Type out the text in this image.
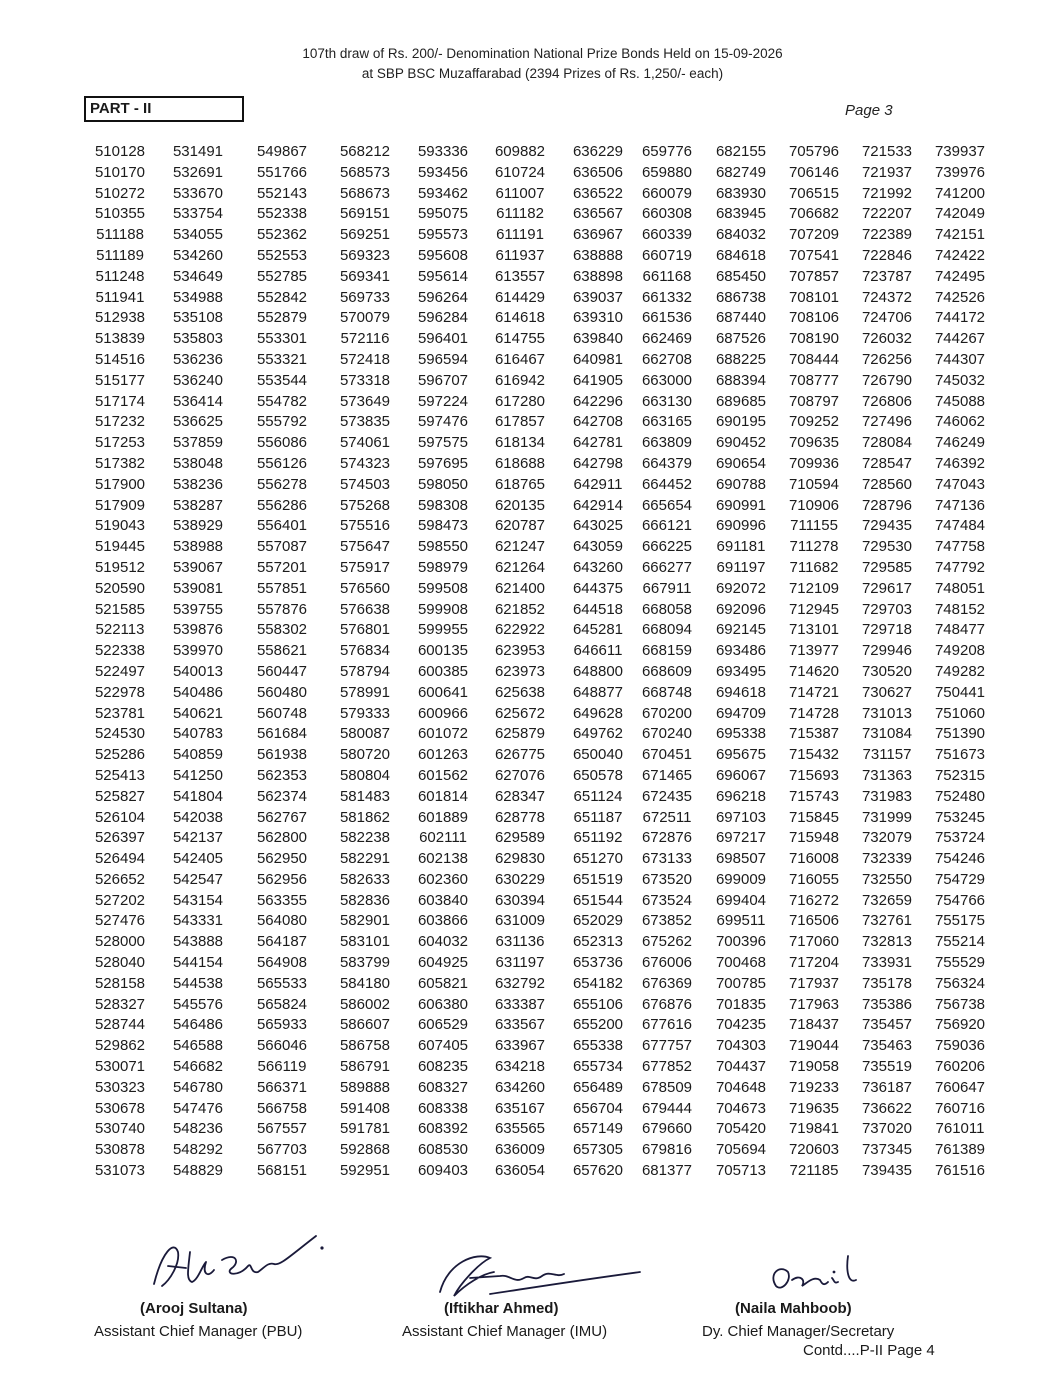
107th draw of Rs. 200/- Denomination National Prize Bonds Held on 15-09-2026
at SBP BSC Muzaffarabad (2394 Prizes of Rs. 1,250/- each)
PART - II	Page 3
510128
510170
510272
510355
511188
511189
511248
511941
512938
513839
514516
515177
517174
517232
517253
517382
517900
517909
519043
519445
519512
520590
521585
522113
522338
522497
522978
523781
524530
525286
525413
525827
526104
526397
526494
526652
527202
527476
528000
528040
528158
528327
528744
529862
530071
530323
530678
530740
530878
531073
531491
532691
533670
533754
534055
534260
534649
534988
535108
535803
536236
536240
536414
536625
537859
538048
538236
538287
538929
538988
539067
539081
539755
539876
539970
540013
540486
540621
540783
540859
541250
541804
542038
542137
542405
542547
543154
543331
543888
544154
544538
545576
546486
546588
546682
546780
547476
548236
548292
548829
549867
551766
552143
552338
552362
552553
552785
552842
552879
553301
553321
553544
554782
555792
556086
556126
556278
556286
556401
557087
557201
557851
557876
558302
558621
560447
560480
560748
561684
561938
562353
562374
562767
562800
562950
562956
563355
564080
564187
564908
565533
565824
565933
566046
566119
566371
566758
567557
567703
568151
568212
568573
568673
569151
569251
569323
569341
569733
570079
572116
572418
573318
573649
573835
574061
574323
574503
575268
575516
575647
575917
576560
576638
576801
576834
578794
578991
579333
580087
580720
580804
581483
581862
582238
582291
582633
582836
582901
583101
583799
584180
586002
586607
586758
586791
589888
591408
591781
592868
592951
593336
593456
593462
595075
595573
595608
595614
596264
596284
596401
596594
596707
597224
597476
597575
597695
598050
598308
598473
598550
598979
599508
599908
599955
600135
600385
600641
600966
601072
601263
601562
601814
601889
602111
602138
602360
603840
603866
604032
604925
605821
606380
606529
607405
608235
608327
608338
608392
608530
609403
609882
610724
611007
611182
611191
611937
613557
614429
614618
614755
616467
616942
617280
617857
618134
618688
618765
620135
620787
621247
621264
621400
621852
622922
623953
623973
625638
625672
625879
626775
627076
628347
628778
629589
629830
630229
630394
631009
631136
631197
632792
633387
633567
633967
634218
634260
635167
635565
636009
636054
636229
636506
636522
636567
636967
638888
638898
639037
639310
639840
640981
641905
642296
642708
642781
642798
642911
642914
643025
643059
643260
644375
644518
645281
646611
648800
648877
649628
649762
650040
650578
651124
651187
651192
651270
651519
651544
652029
652313
653736
654182
655106
655200
655338
655734
656489
656704
657149
657305
657620
659776
659880
660079
660308
660339
660719
661168
661332
661536
662469
662708
663000
663130
663165
663809
664379
664452
665654
666121
666225
666277
667911
668058
668094
668159
668609
668748
670200
670240
670451
671465
672435
672511
672876
673133
673520
673524
673852
675262
676006
676369
676876
677616
677757
677852
678509
679444
679660
679816
681377
682155
682749
683930
683945
684032
684618
685450
686738
687440
687526
688225
688394
689685
690195
690452
690654
690788
690991
690996
691181
691197
692072
692096
692145
693486
693495
694618
694709
695338
695675
696067
696218
697103
697217
698507
699009
699404
699511
700396
700468
700785
701835
704235
704303
704437
704648
704673
705420
705694
705713
705796
706146
706515
706682
707209
707541
707857
708101
708106
708190
708444
708777
708797
709252
709635
709936
710594
710906
711155
711278
711682
712109
712945
713101
713977
714620
714721
714728
715387
715432
715693
715743
715845
715948
716008
716055
716272
716506
717060
717204
717937
717963
718437
719044
719058
719233
719635
719841
720603
721185
721533
721937
721992
722207
722389
722846
723787
724372
724706
726032
726256
726790
726806
727496
728084
728547
728560
728796
729435
729530
729585
729617
729703
729718
729946
730520
730627
731013
731084
731157
731363
731983
731999
732079
732339
732550
732659
732761
732813
733931
735178
735386
735457
735463
735519
736187
736622
737020
737345
739435
739937
739976
741200
742049
742151
742422
742495
742526
744172
744267
744307
745032
745088
746062
746249
746392
747043
747136
747484
747758
747792
748051
748152
748477
749208
749282
750441
751060
751390
751673
752315
752480
753245
753724
754246
754729
754766
755175
755214
755529
756324
756738
756920
759036
760206
760647
760716
761011
761389
761516
(Arooj Sultana)
Assistant Chief Manager (PBU)
(Iftikhar Ahmed)
Assistant Chief Manager (IMU)
(Naila Mahboob)
Dy. Chief Manager/Secretary
Contd....P-II Page 4
